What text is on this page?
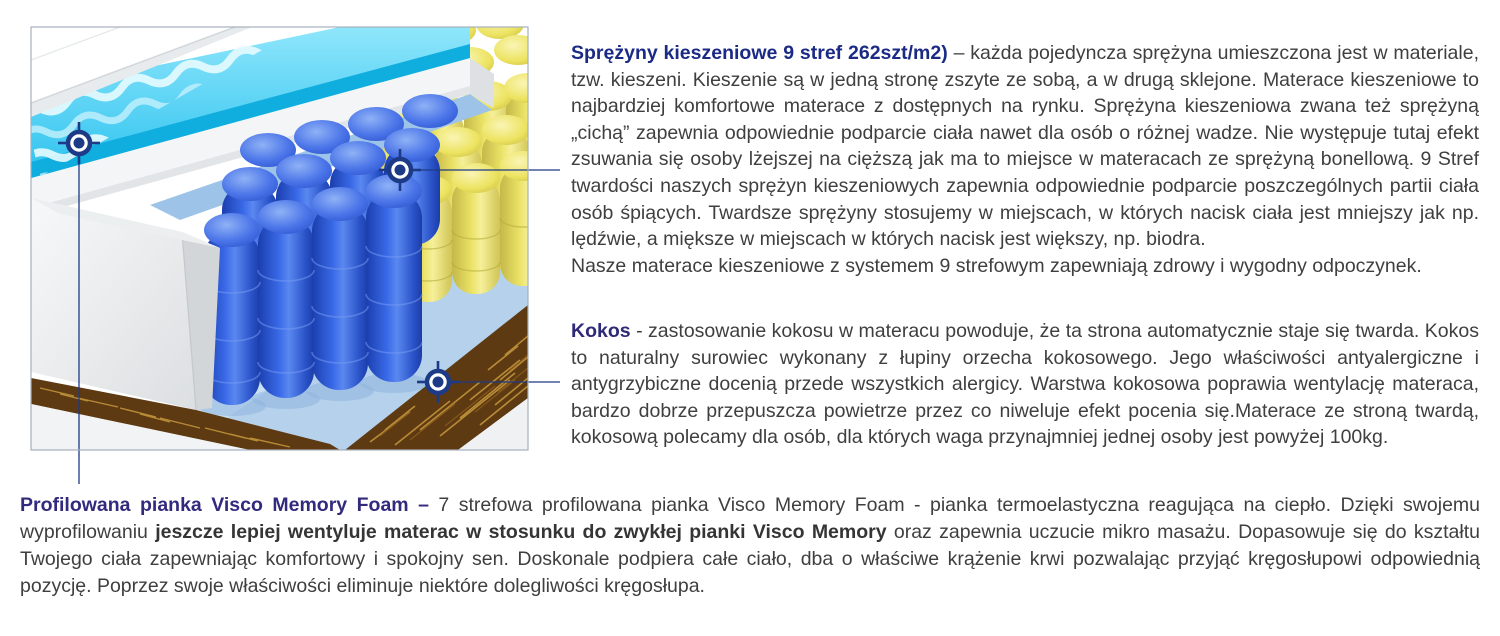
Sprężyny kieszeniowe 9 stref 262szt/m2) – każda pojedyncza sprężyna umieszczona jest w materiale, tzw. kieszeni. Kieszenie są w jedną stronę zszyte ze sobą, a w drugą sklejone. Materace kieszeniowe to najbardziej komfortowe materace z dostępnych na rynku. Sprężyna kieszeniowa zwana też sprężyną „cichą” zapewnia odpowiednie podparcie ciała nawet dla osób o różnej wadze. Nie występuje tutaj efekt zsuwania się osoby lżejszej na cięższą jak ma to miejsce w materacach ze sprężyną bonellową. 9 Stref twardości naszych sprężyn kieszeniowych zapewnia odpowiednie podparcie poszczególnych partii ciała osób śpiących. Twardsze sprężyny stosujemy w miejscach, w których nacisk ciała jest mniejszy jak np. lędźwie, a miększe w miejscach w których nacisk jest większy, np. biodra.
Nasze materace kieszeniowe z systemem 9 strefowym zapewniają zdrowy i wygodny odpoczynek.

Kokos - zastosowanie kokosu w materacu powoduje, że ta strona automatycznie staje się twarda. Kokos to naturalny surowiec wykonany z łupiny orzecha kokosowego. Jego właściwości antyalergiczne i antygrzybiczne docenią przede wszystkich alergicy. Warstwa kokosowa poprawia wentylację materaca, bardzo dobrze przepuszcza powietrze przez co niweluje efekt pocenia się.Materace ze stroną twardą, kokosową polecamy dla osób, dla których waga przynajmniej jednej osoby jest powyżej 100kg.

Profilowana pianka Visco Memory Foam – 7 strefowa profilowana pianka Visco Memory Foam - pianka termoelastyczna reagująca na ciepło. Dzięki swojemu wyprofilowaniu jeszcze lepiej wentyluje materac w stosunku do zwykłej pianki Visco Memory oraz zapewnia uczucie mikro masażu. Dopasowuje się do kształtu Twojego ciała zapewniając komfortowy i spokojny sen. Doskonale podpiera całe ciało, dba o właściwe krążenie krwi pozwalając przyjąć kręgosłupowi odpowiednią pozycję. Poprzez swoje właściwości eliminuje niektóre dolegliwości kręgosłupa.
